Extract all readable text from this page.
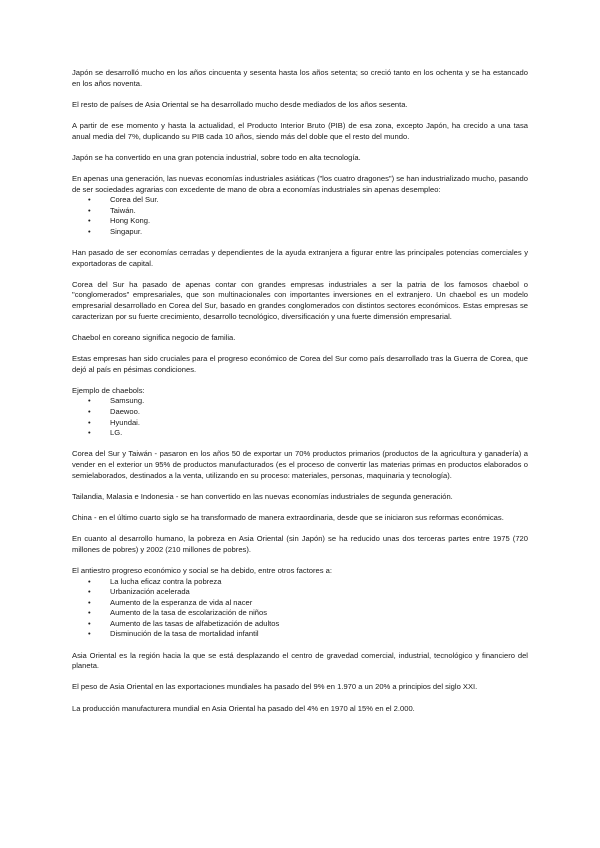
Japón se desarrolló mucho en los años cincuenta y sesenta hasta los años setenta; so creció tanto en los ochenta y se ha estancado en los años noventa.

El resto de países de Asia Oriental se ha desarrollado mucho desde mediados de los años sesenta.

A partir de ese momento y hasta la actualidad, el Producto Interior Bruto (PIB) de esa zona, excepto Japón, ha crecido a una tasa anual media del 7%, duplicando su PIB cada 10 años, siendo más del doble que el resto del mundo.

Japón se ha convertido en una gran potencia industrial, sobre todo en alta tecnología.

En apenas una generación, las nuevas economías industriales asiáticas ("los cuatro dragones") se han industrializado mucho, pasando de ser sociedades agrarias con excedente de mano de obra a economías industriales sin apenas desempleo:

• Corea del Sur.
• Taiwán.
• Hong Kong.
• Singapur.

Han pasado de ser economías cerradas y dependientes de la ayuda extranjera a figurar entre las principales potencias comerciales y exportadoras de capital.

Corea del Sur ha pasado de apenas contar con grandes empresas industriales a ser la patria de los famosos chaebol o "conglomerados" empresariales, que son multinacionales con importantes inversiones en el extranjero. Un chaebol es un modelo empresarial desarrollado en Corea del Sur, basado en grandes conglomerados con distintos sectores económicos. Estas empresas se caracterizan por su fuerte crecimiento, desarrollo tecnológico, diversificación y una fuerte dimensión empresarial.

Chaebol en coreano significa negocio de familia.

Estas empresas han sido cruciales para el progreso económico de Corea del Sur como país desarrollado tras la Guerra de Corea, que dejó al país en pésimas condiciones.

Ejemplo de chaebols:

• Samsung.
• Daewoo.
• Hyundai.
• LG.

Corea del Sur y Taiwán - pasaron en los años 50 de exportar un 70% productos primarios (productos de la agricultura y ganadería) a vender en el exterior un 95% de productos manufacturados (es el proceso de convertir las materias primas en productos elaborados o semielaborados, destinados a la venta, utilizando en su proceso: materiales, personas, maquinaria y tecnología).

Tailandia, Malasia e Indonesia - se han convertido en las nuevas economías industriales de segunda generación.

China - en el último cuarto siglo se ha transformado de manera extraordinaria, desde que se iniciaron sus reformas económicas.

En cuanto al desarrollo humano, la pobreza en Asia Oriental (sin Japón) se ha reducido unas dos terceras partes entre 1975 (720 millones de pobres) y 2002 (210 millones de pobres).

El antiestro progreso económico y social se ha debido, entre otros factores a:

• La lucha eficaz contra la pobreza
• Urbanización acelerada
• Aumento de la esperanza de vida al nacer
• Aumento de la tasa de escolarización de niños
• Aumento de las tasas de alfabetización de adultos
• Disminución de la tasa de mortalidad infantil

Asia Oriental es la región hacia la que se está desplazando el centro de gravedad comercial, industrial, tecnológico y financiero del planeta.

El peso de Asia Oriental en las exportaciones mundiales ha pasado del 9% en 1.970 a un 20% a principios del siglo XXI.

La producción manufacturera mundial en Asia Oriental ha pasado del 4% en 1970 al 15% en el 2.000.
